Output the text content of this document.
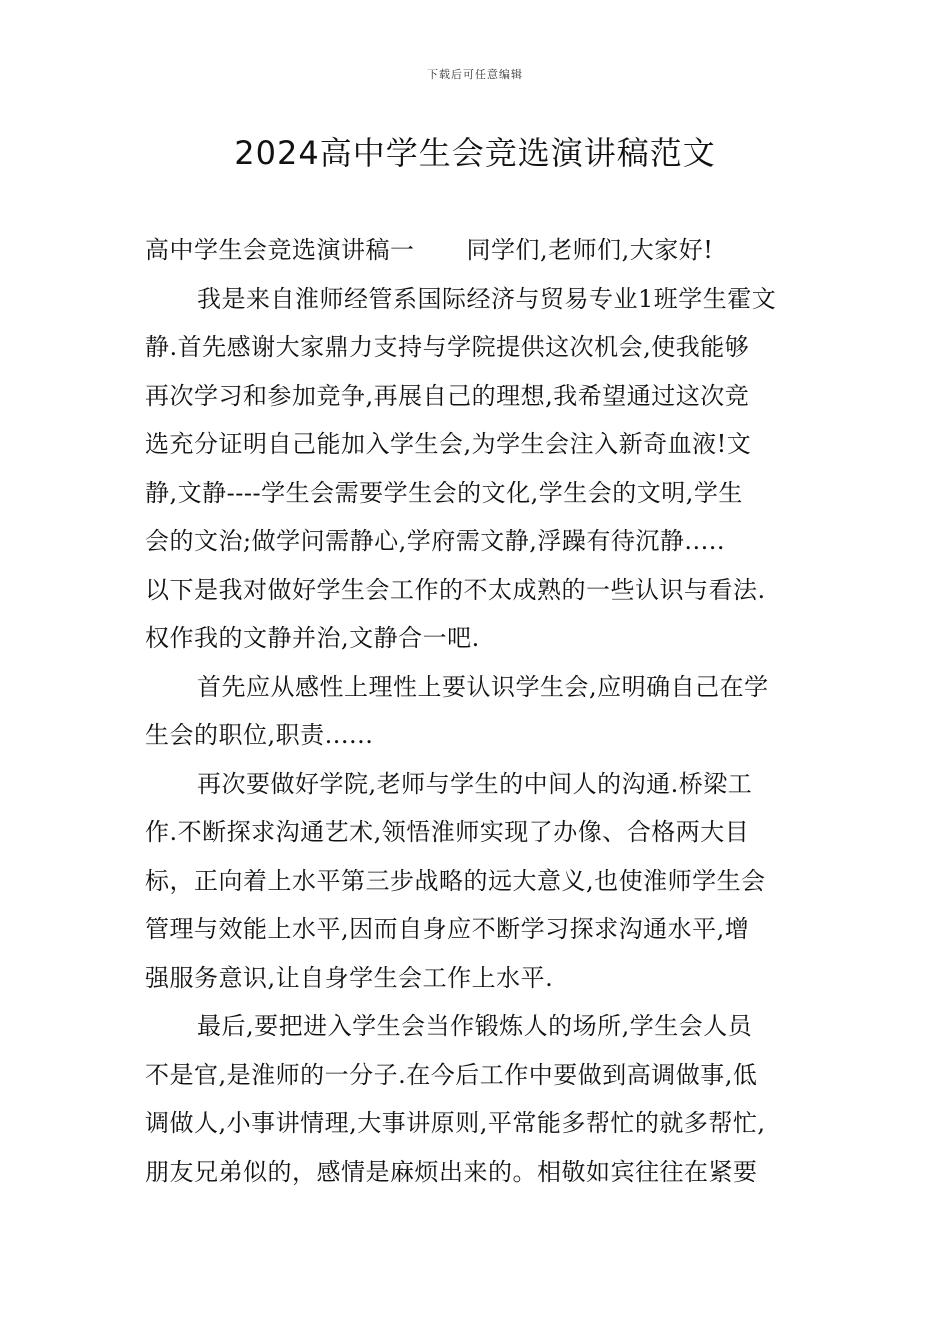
下载后可任意编辑
2024高中学生会竞选演讲稿范文
高中学生会竞选演讲稿一 同学们,老师们,大家好!
我是来自淮师经管系国际经济与贸易专业1班学生霍文
静.首先感谢大家鼎力支持与学院提供这次机会,使我能够
再次学习和参加竞争,再展自己的理想,我希望通过这次竞
选充分证明自己能加入学生会,为学生会注入新奇血液!文
静,文静----学生会需要学生会的文化,学生会的文明,学生
会的文治;做学问需静心,学府需文静,浮躁有待沉静.....
以下是我对做好学生会工作的不太成熟的一些认识与看法.
权作我的文静并治,文静合一吧.
首先应从感性上理性上要认识学生会,应明确自己在学
生会的职位,职责......
再次要做好学院,老师与学生的中间人的沟通.桥梁工
作.不断探求沟通艺术,领悟淮师实现了办像、合格两大目
标，正向着上水平第三步战略的远大意义,也使淮师学生会
管理与效能上水平,因而自身应不断学习探求沟通水平,增
强服务意识,让自身学生会工作上水平.
最后,要把进入学生会当作锻炼人的场所,学生会人员
不是官,是淮师的一分子.在今后工作中要做到高调做事,低
调做人,小事讲情理,大事讲原则,平常能多帮忙的就多帮忙,
朋友兄弟似的，感情是麻烦出来的。相敬如宾往往在紧要
